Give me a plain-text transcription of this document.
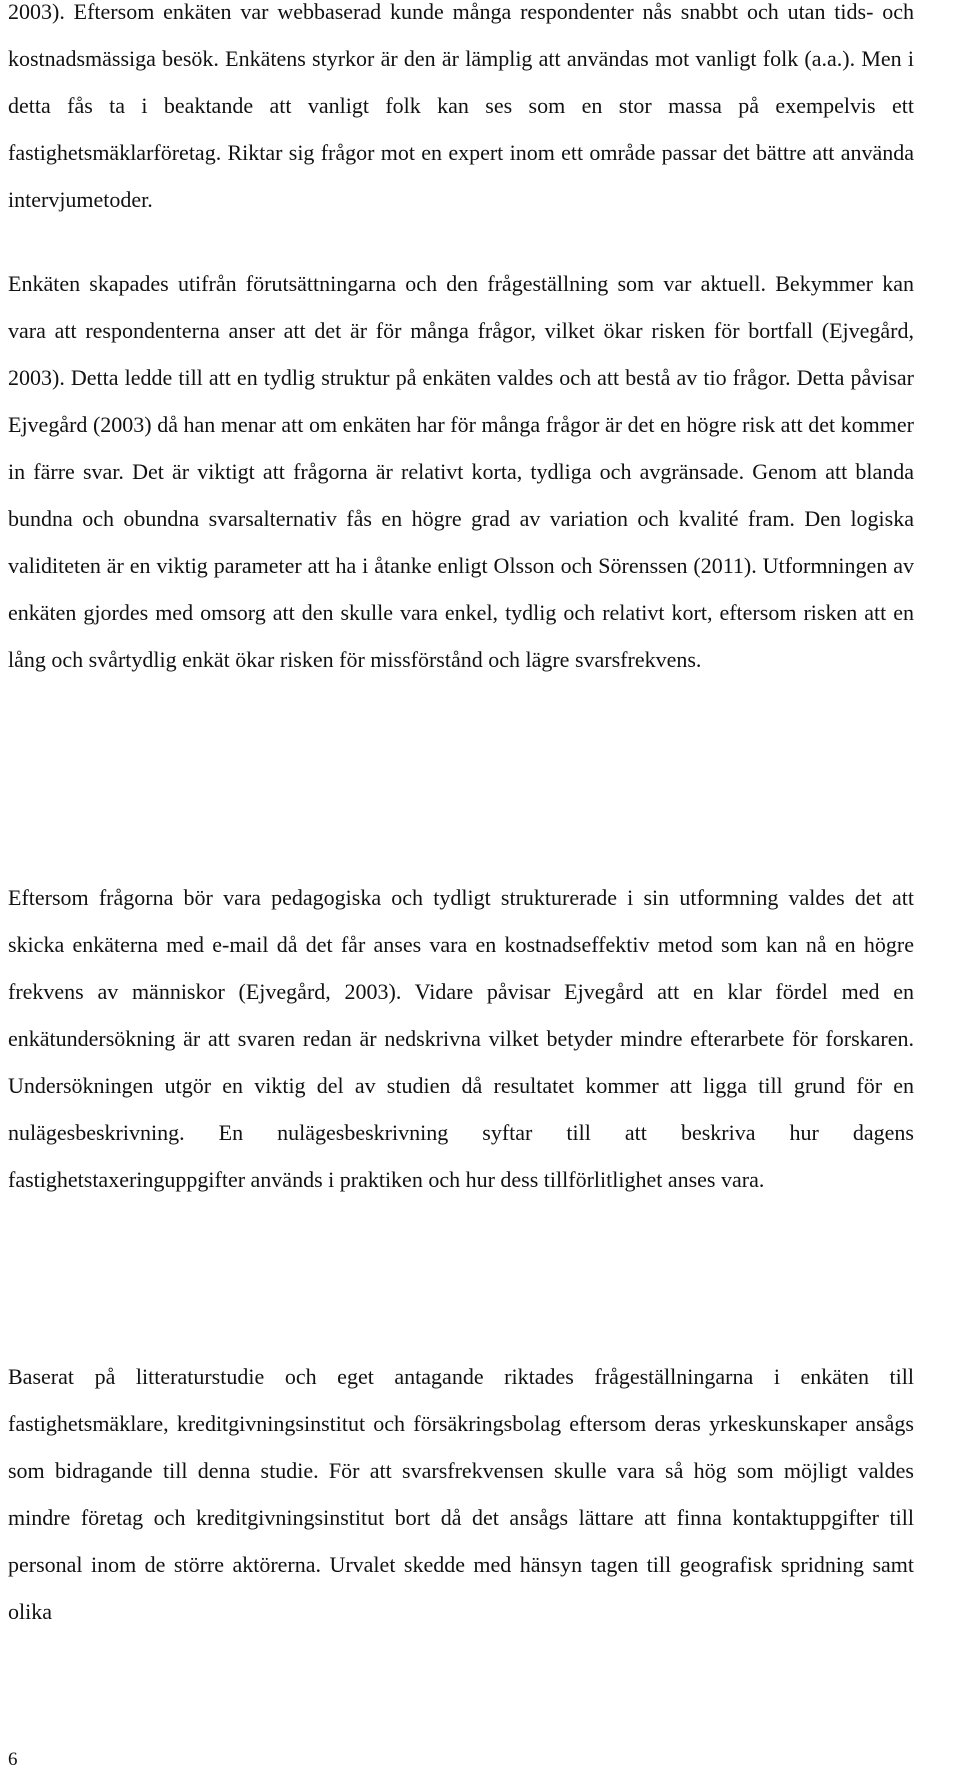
2003). Eftersom enkäten var webbaserad kunde många respondenter nås snabbt och utan tids- och kostnadsmässiga besök. Enkätens styrkor är den är lämplig att användas mot vanligt folk (a.a.). Men i detta fås ta i beaktande att vanligt folk kan ses som en stor massa på exempelvis ett fastighetsmäklarföretag. Riktar sig frågor mot en expert inom ett område passar det bättre att använda intervjumetoder.

Enkäten skapades utifrån förutsättningarna och den frågeställning som var aktuell. Bekymmer kan vara att respondenterna anser att det är för många frågor, vilket ökar risken för bortfall (Ejvegård, 2003). Detta ledde till att en tydlig struktur på enkäten valdes och att bestå av tio frågor. Detta påvisar Ejvegård (2003) då han menar att om enkäten har för många frågor är det en högre risk att det kommer in färre svar. Det är viktigt att frågorna är relativt korta, tydliga och avgränsade. Genom att blanda bundna och obundna svarsalternativ fås en högre grad av variation och kvalité fram. Den logiska validiteten är en viktig parameter att ha i åtanke enligt Olsson och Sörenssen (2011). Utformningen av enkäten gjordes med omsorg att den skulle vara enkel, tydlig och relativt kort, eftersom risken att en lång och svårtydlig enkät ökar risken för missförstånd och lägre svarsfrekvens.

Eftersom frågorna bör vara pedagogiska och tydligt strukturerade i sin utformning valdes det att skicka enkäterna med e-mail då det får anses vara en kostnadseffektiv metod som kan nå en högre frekvens av människor (Ejvegård, 2003). Vidare påvisar Ejvegård att en klar fördel med en enkätundersökning är att svaren redan är nedskrivna vilket betyder mindre efterarbete för forskaren. Undersökningen utgör en viktig del av studien då resultatet kommer att ligga till grund för en nulägesbeskrivning. En nulägesbeskrivning syftar till att beskriva hur dagens fastighetstaxeringuppgifter används i praktiken och hur dess tillförlitlighet anses vara.

Baserat på litteraturstudie och eget antagande riktades frågeställningarna i enkäten till fastighetsmäklare, kreditgivningsinstitut och försäkringsbolag eftersom deras yrkeskunskaper ansågs som bidragande till denna studie. För att svarsfrekvensen skulle vara så hög som möjligt valdes mindre företag och kreditgivningsinstitut bort då det ansågs lättare att finna kontaktuppgifter till personal inom de större aktörerna. Urvalet skedde med hänsyn tagen till geografisk spridning samt olika

6
